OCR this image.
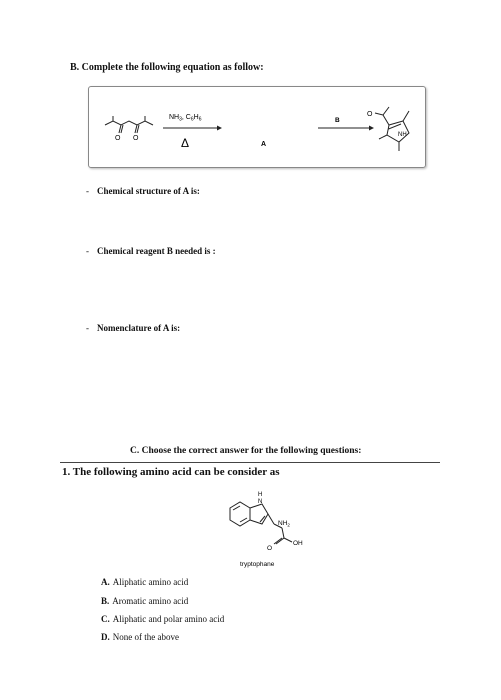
B. Complete the following equation as follow:
O O
$NH_3$, $C_6H_6$
Δ	A
B
O
NH
- Chemical structure of A is:
- Chemical reagent B needed is :
- Nomenclature of A is:
C. Choose the correct answer for the following questions:
1. The following amino acid can be consider as
H
N
$NH_2$
OH
O
tryptophane
A. Aliphatic amino acid
B. Aromatic amino acid
C. Aliphatic and polar amino acid
D. None of the above
